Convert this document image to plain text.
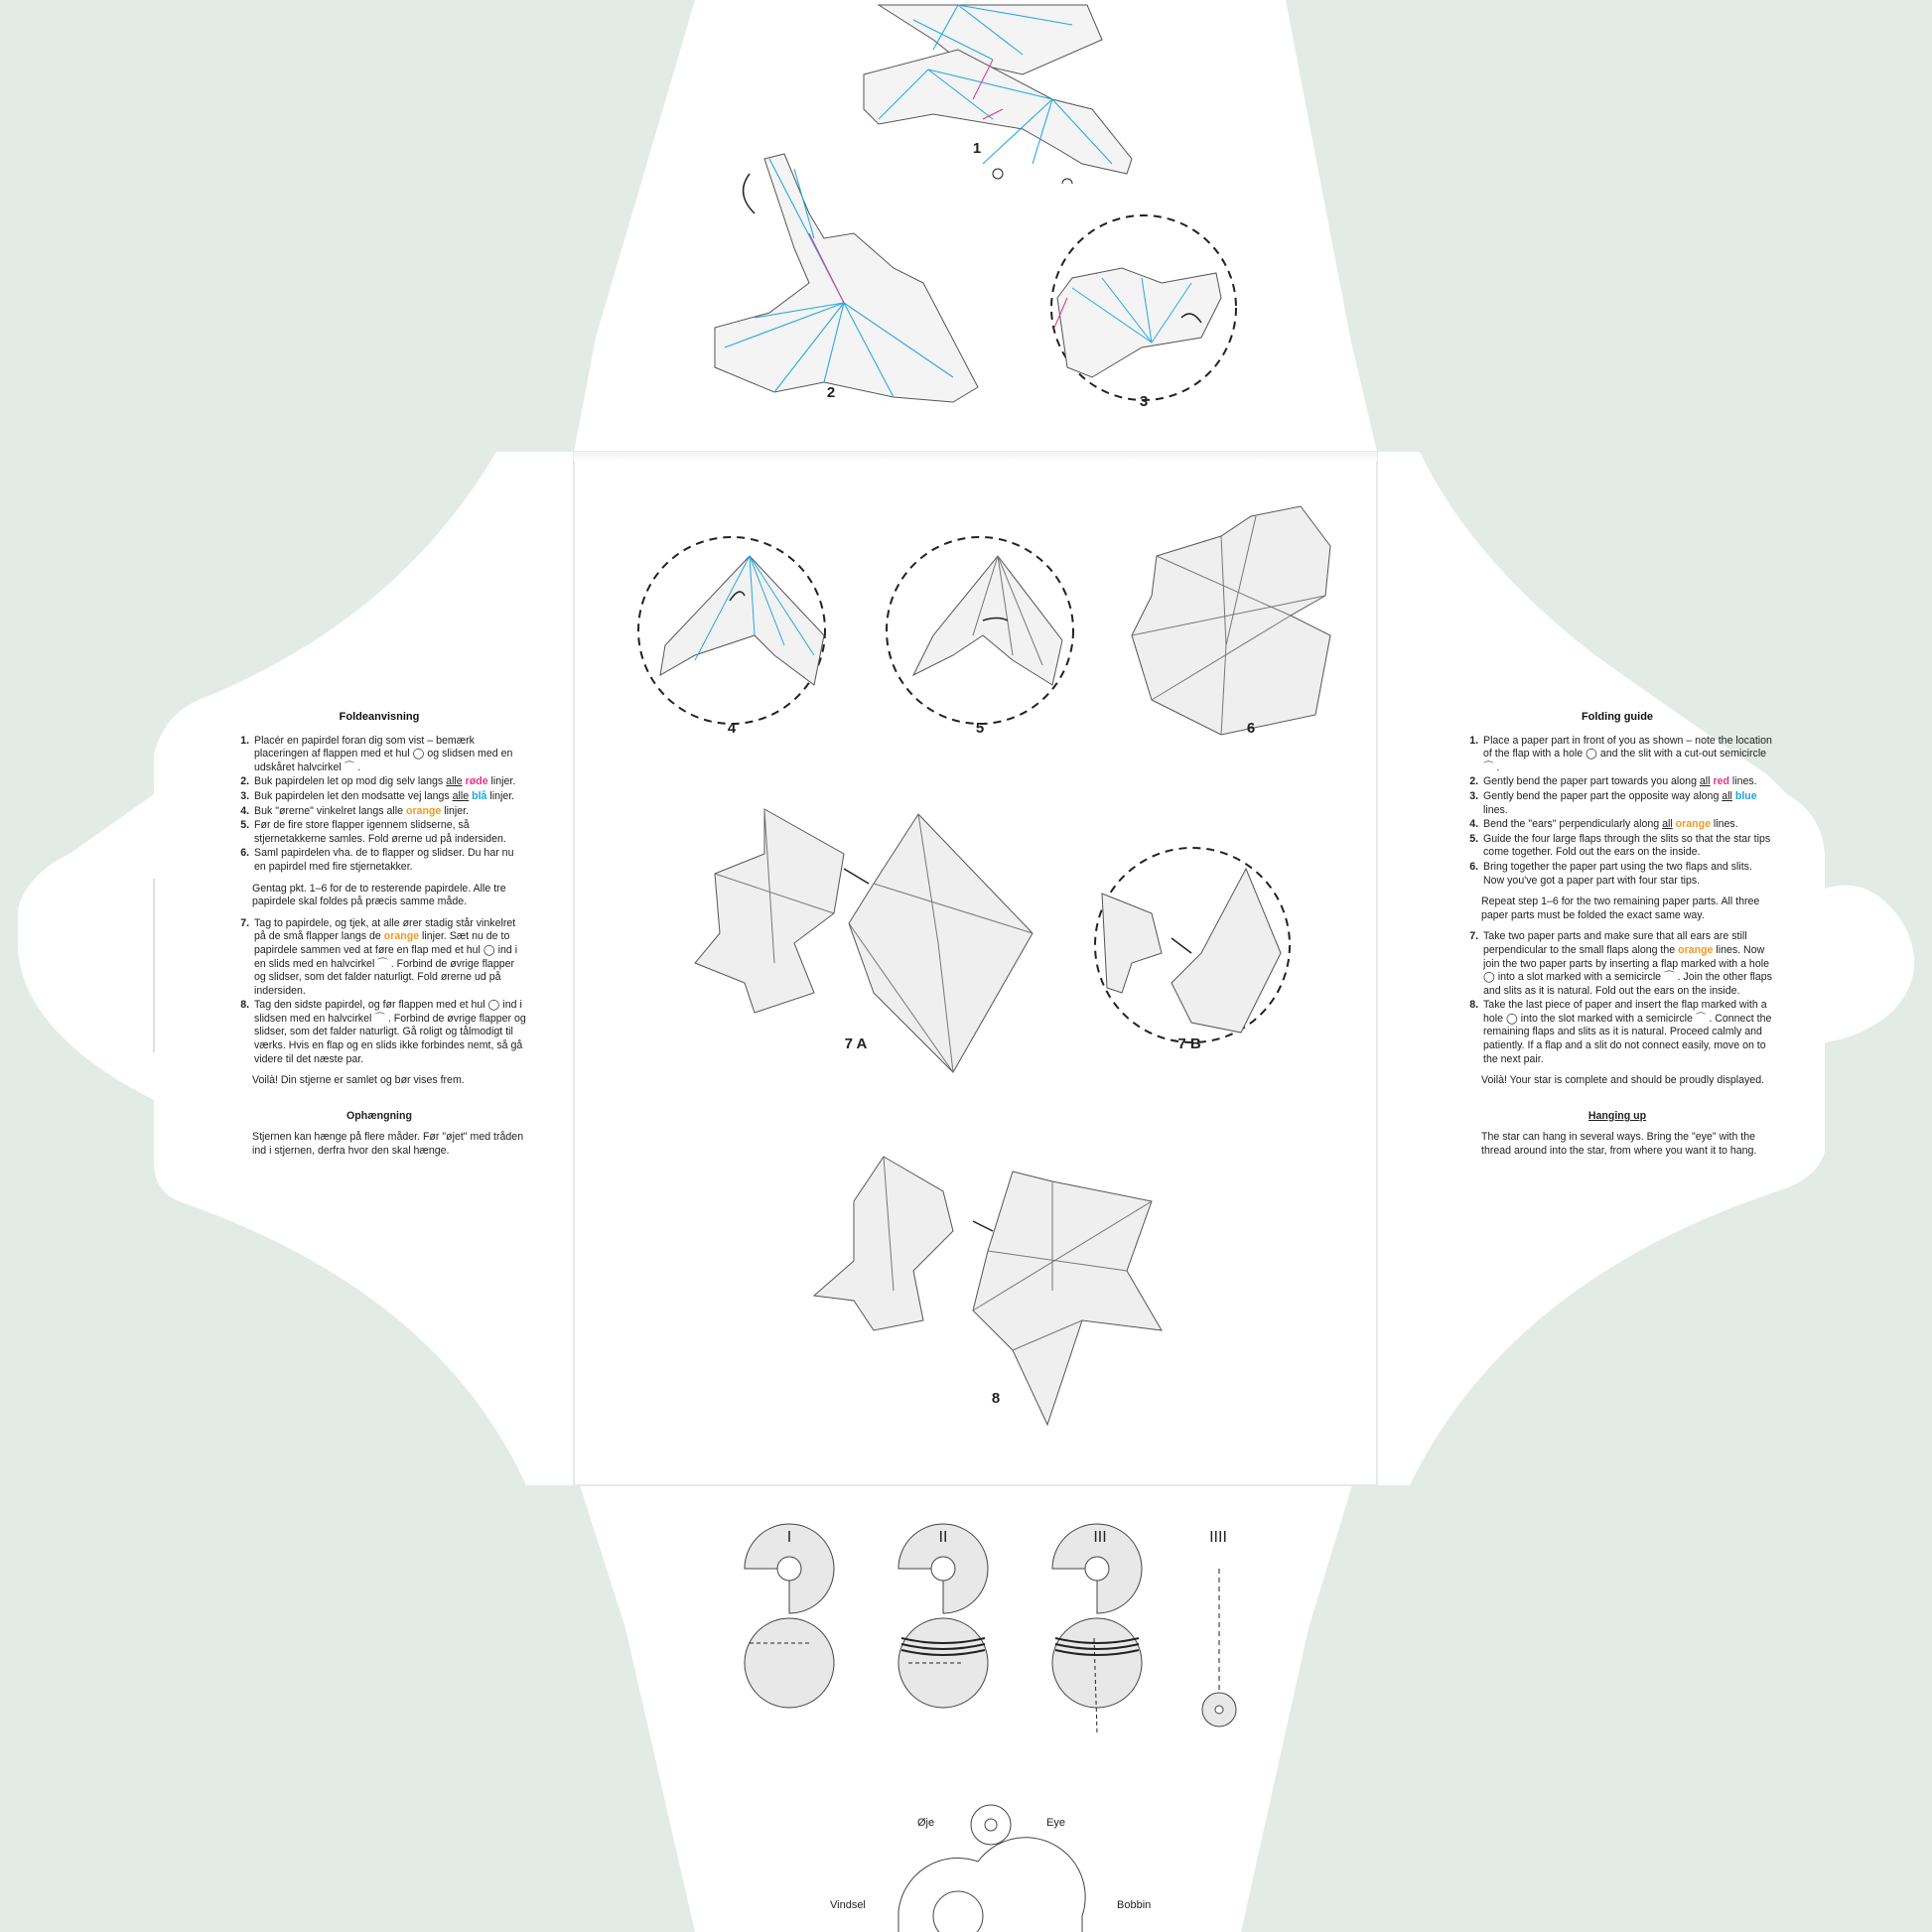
1
2
3
4	5	6
7 A	7 B
8
I	II	III	IIII
Øje	Eye
Vindsel	Bobbin
Foldeanvisning
1. Placér en papirdel foran dig som vist – bemærk placeringen af flappen med et hul ◯ og slidsen med en udskåret halvcirkel ⌒ .
2. Buk papirdelen let op mod dig selv langs alle røde linjer.
3. Buk papirdelen let den modsatte vej langs alle blå linjer.
4. Buk "ørerne" vinkelret langs alle orange linjer.
5. Før de fire store flapper igennem slidserne, så stjernetakkerne samles. Fold ørerne ud på indersiden.
6. Saml papirdelen vha. de to flapper og slidser. Du har nu en papirdel med fire stjernetakker.

Gentag pkt. 1–6 for de to resterende papirdele. Alle tre papirdele skal foldes på præcis samme måde.

7. Tag to papirdele, og tjek, at alle ører stadig står vinkelret på de små flapper langs de orange linjer. Sæt nu de to papirdele sammen ved at føre en flap med et hul ◯ ind i en slids med en halvcirkel ⌒ . Forbind de øvrige flapper og slidser, som det falder naturligt. Fold ørerne ud på indersiden.
8. Tag den sidste papirdel, og før flappen med et hul ◯ ind i slidsen med en halvcirkel ⌒ . Forbind de øvrige flapper og slidser, som det falder naturligt. Gå roligt og tålmodigt til værks. Hvis en flap og en slids ikke forbindes nemt, så gå videre til det næste par.

Voilà! Din stjerne er samlet og bør vises frem.

Ophængning

Stjernen kan hænge på flere måder. Før "øjet" med tråden ind i stjernen, derfra hvor den skal hænge.

Folding guide
1. Place a paper part in front of you as shown – note the location of the flap with a hole ◯ and the slit with a cut-out semicircle ⌒ .
2. Gently bend the paper part towards you along all red lines.
3. Gently bend the paper part the opposite way along all blue lines.
4. Bend the "ears" perpendicularly along all orange lines.
5. Guide the four large flaps through the slits so that the star tips come together. Fold out the ears on the inside.
6. Bring together the paper part using the two flaps and slits. Now you've got a paper part with four star tips.

Repeat step 1–6 for the two remaining paper parts. All three paper parts must be folded the exact same way.

7. Take two paper parts and make sure that all ears are still perpendicular to the small flaps along the orange lines. Now join the two paper parts by inserting a flap marked with a hole ◯ into a slot marked with a semicircle ⌒ . Join the other flaps and slits as it is natural. Fold out the ears on the inside.
8. Take the last piece of paper and insert the flap marked with a hole ◯ into the slot marked with a semicircle ⌒ . Connect the remaining flaps and slits as it is natural. Proceed calmly and patiently. If a flap and a slit do not connect easily, move on to the next pair.

Voilà! Your star is complete and should be proudly displayed.

Hanging up

The star can hang in several ways. Bring the "eye" with the thread around into the star, from where you want it to hang.
